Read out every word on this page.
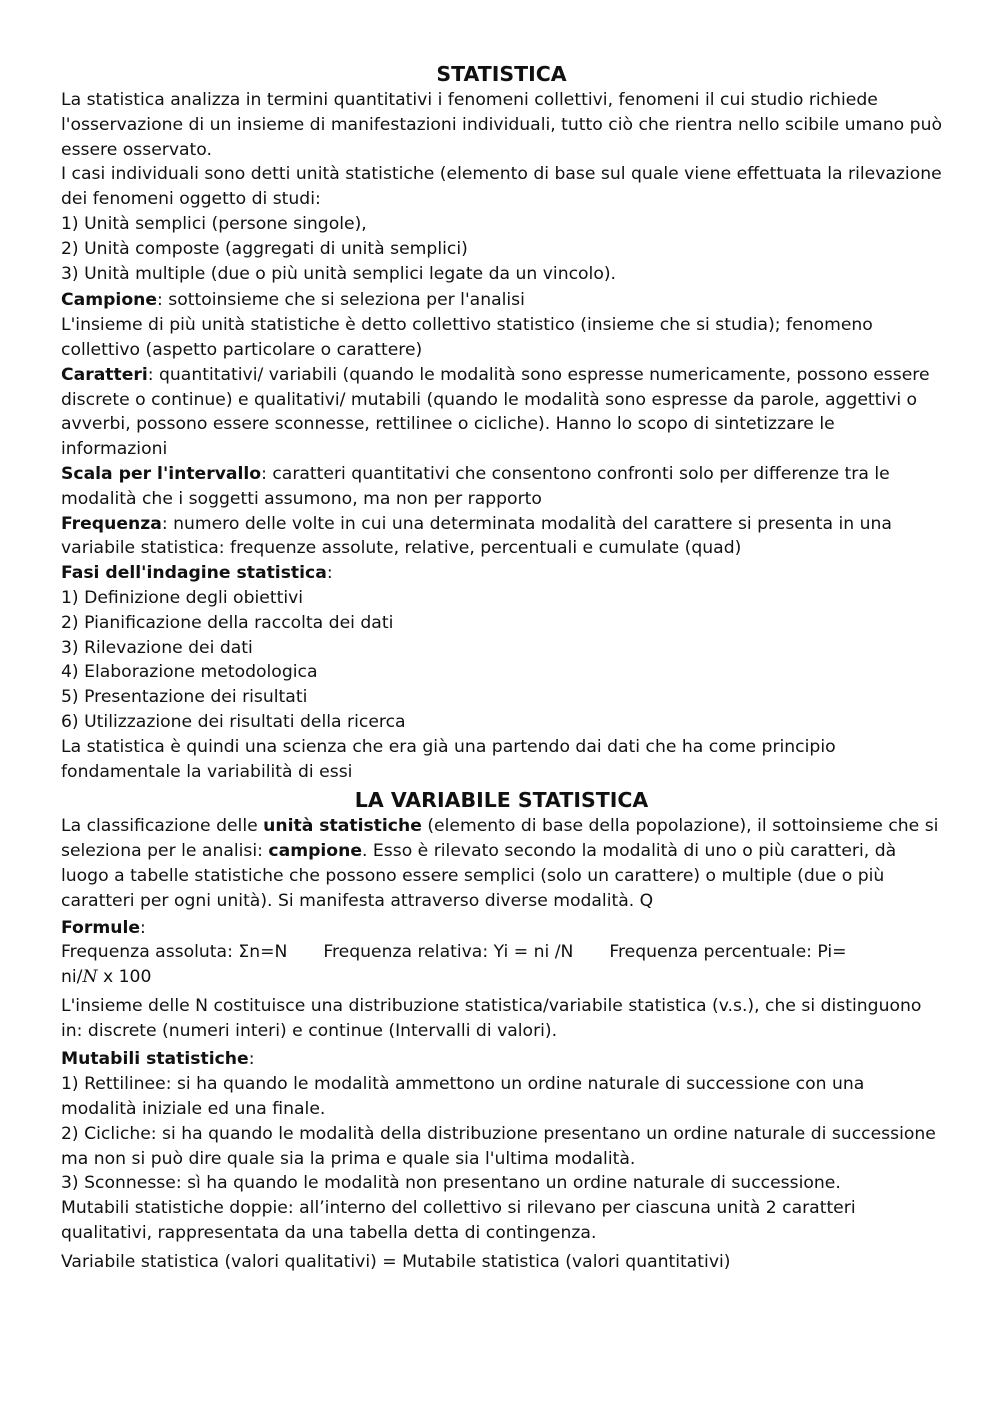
STATISTICA

La statistica analizza in termini quantitativi i fenomeni collettivi, fenomeni il cui studio richiede l'osservazione di un insieme di manifestazioni individuali, tutto ciò che rientra nello scibile umano può essere osservato.

I casi individuali sono detti unità statistiche (elemento di base sul quale viene effettuata la rilevazione dei fenomeni oggetto di studi:

1) Unità semplici (persone singole),

2) Unità composte (aggregati di unità semplici)

3) Unità multiple (due o più unità semplici legate da un vincolo).

Campione: sottoinsieme che si seleziona per l'analisi

L'insieme di più unità statistiche è detto collettivo statistico (insieme che si studia); fenomeno collettivo (aspetto particolare o carattere)

Caratteri: quantitativi/ variabili (quando le modalità sono espresse numericamente, possono essere discrete o continue) e qualitativi/ mutabili (quando le modalità sono espresse da parole, aggettivi o avverbi, possono essere sconnesse, rettilinee o cicliche). Hanno lo scopo di sintetizzare le informazioni

Scala per l'intervallo: caratteri quantitativi che consentono confronti solo per differenze tra le modalità che i soggetti assumono, ma non per rapporto

Frequenza: numero delle volte in cui una determinata modalità del carattere si presenta in una variabile statistica: frequenze assolute, relative, percentuali e cumulate (quad)

Fasi dell'indagine statistica:

1) Definizione degli obiettivi

2) Pianificazione della raccolta dei dati

3) Rilevazione dei dati

4) Elaborazione metodologica

5) Presentazione dei risultati

6) Utilizzazione dei risultati della ricerca

La statistica è quindi una scienza che era già una partendo dai dati che ha come principio fondamentale la variabilità di essi

LA VARIABILE STATISTICA

La classificazione delle unità statistiche (elemento di base della popolazione), il sottoinsieme che si seleziona per le analisi: campione. Esso è rilevato secondo la modalità di uno o più caratteri, dà luogo a tabelle statistiche che possono essere semplici (solo un carattere) o multiple (due o più caratteri per ogni unità). Si manifesta attraverso diverse modalità. Q

Formule:

Frequenza assoluta: Σn=N Frequenza relativa: Yi = ni /N Frequenza percentuale: Pi=

ni/N x 100

L'insieme delle N costituisce una distribuzione statistica/variabile statistica (v.s.), che si distinguono in: discrete (numeri interi) e continue (Intervalli di valori).

Mutabili statistiche:

1) Rettilinee: si ha quando le modalità ammettono un ordine naturale di successione con una modalità iniziale ed una finale.

2) Cicliche: si ha quando le modalità della distribuzione presentano un ordine naturale di successione ma non si può dire quale sia la prima e quale sia l'ultima modalità.

3) Sconnesse: sì ha quando le modalità non presentano un ordine naturale di successione.

Mutabili statistiche doppie: all’interno del collettivo si rilevano per ciascuna unità 2 caratteri qualitativi, rappresentata da una tabella detta di contingenza.

Variabile statistica (valori qualitativi) = Mutabile statistica (valori quantitativi)
